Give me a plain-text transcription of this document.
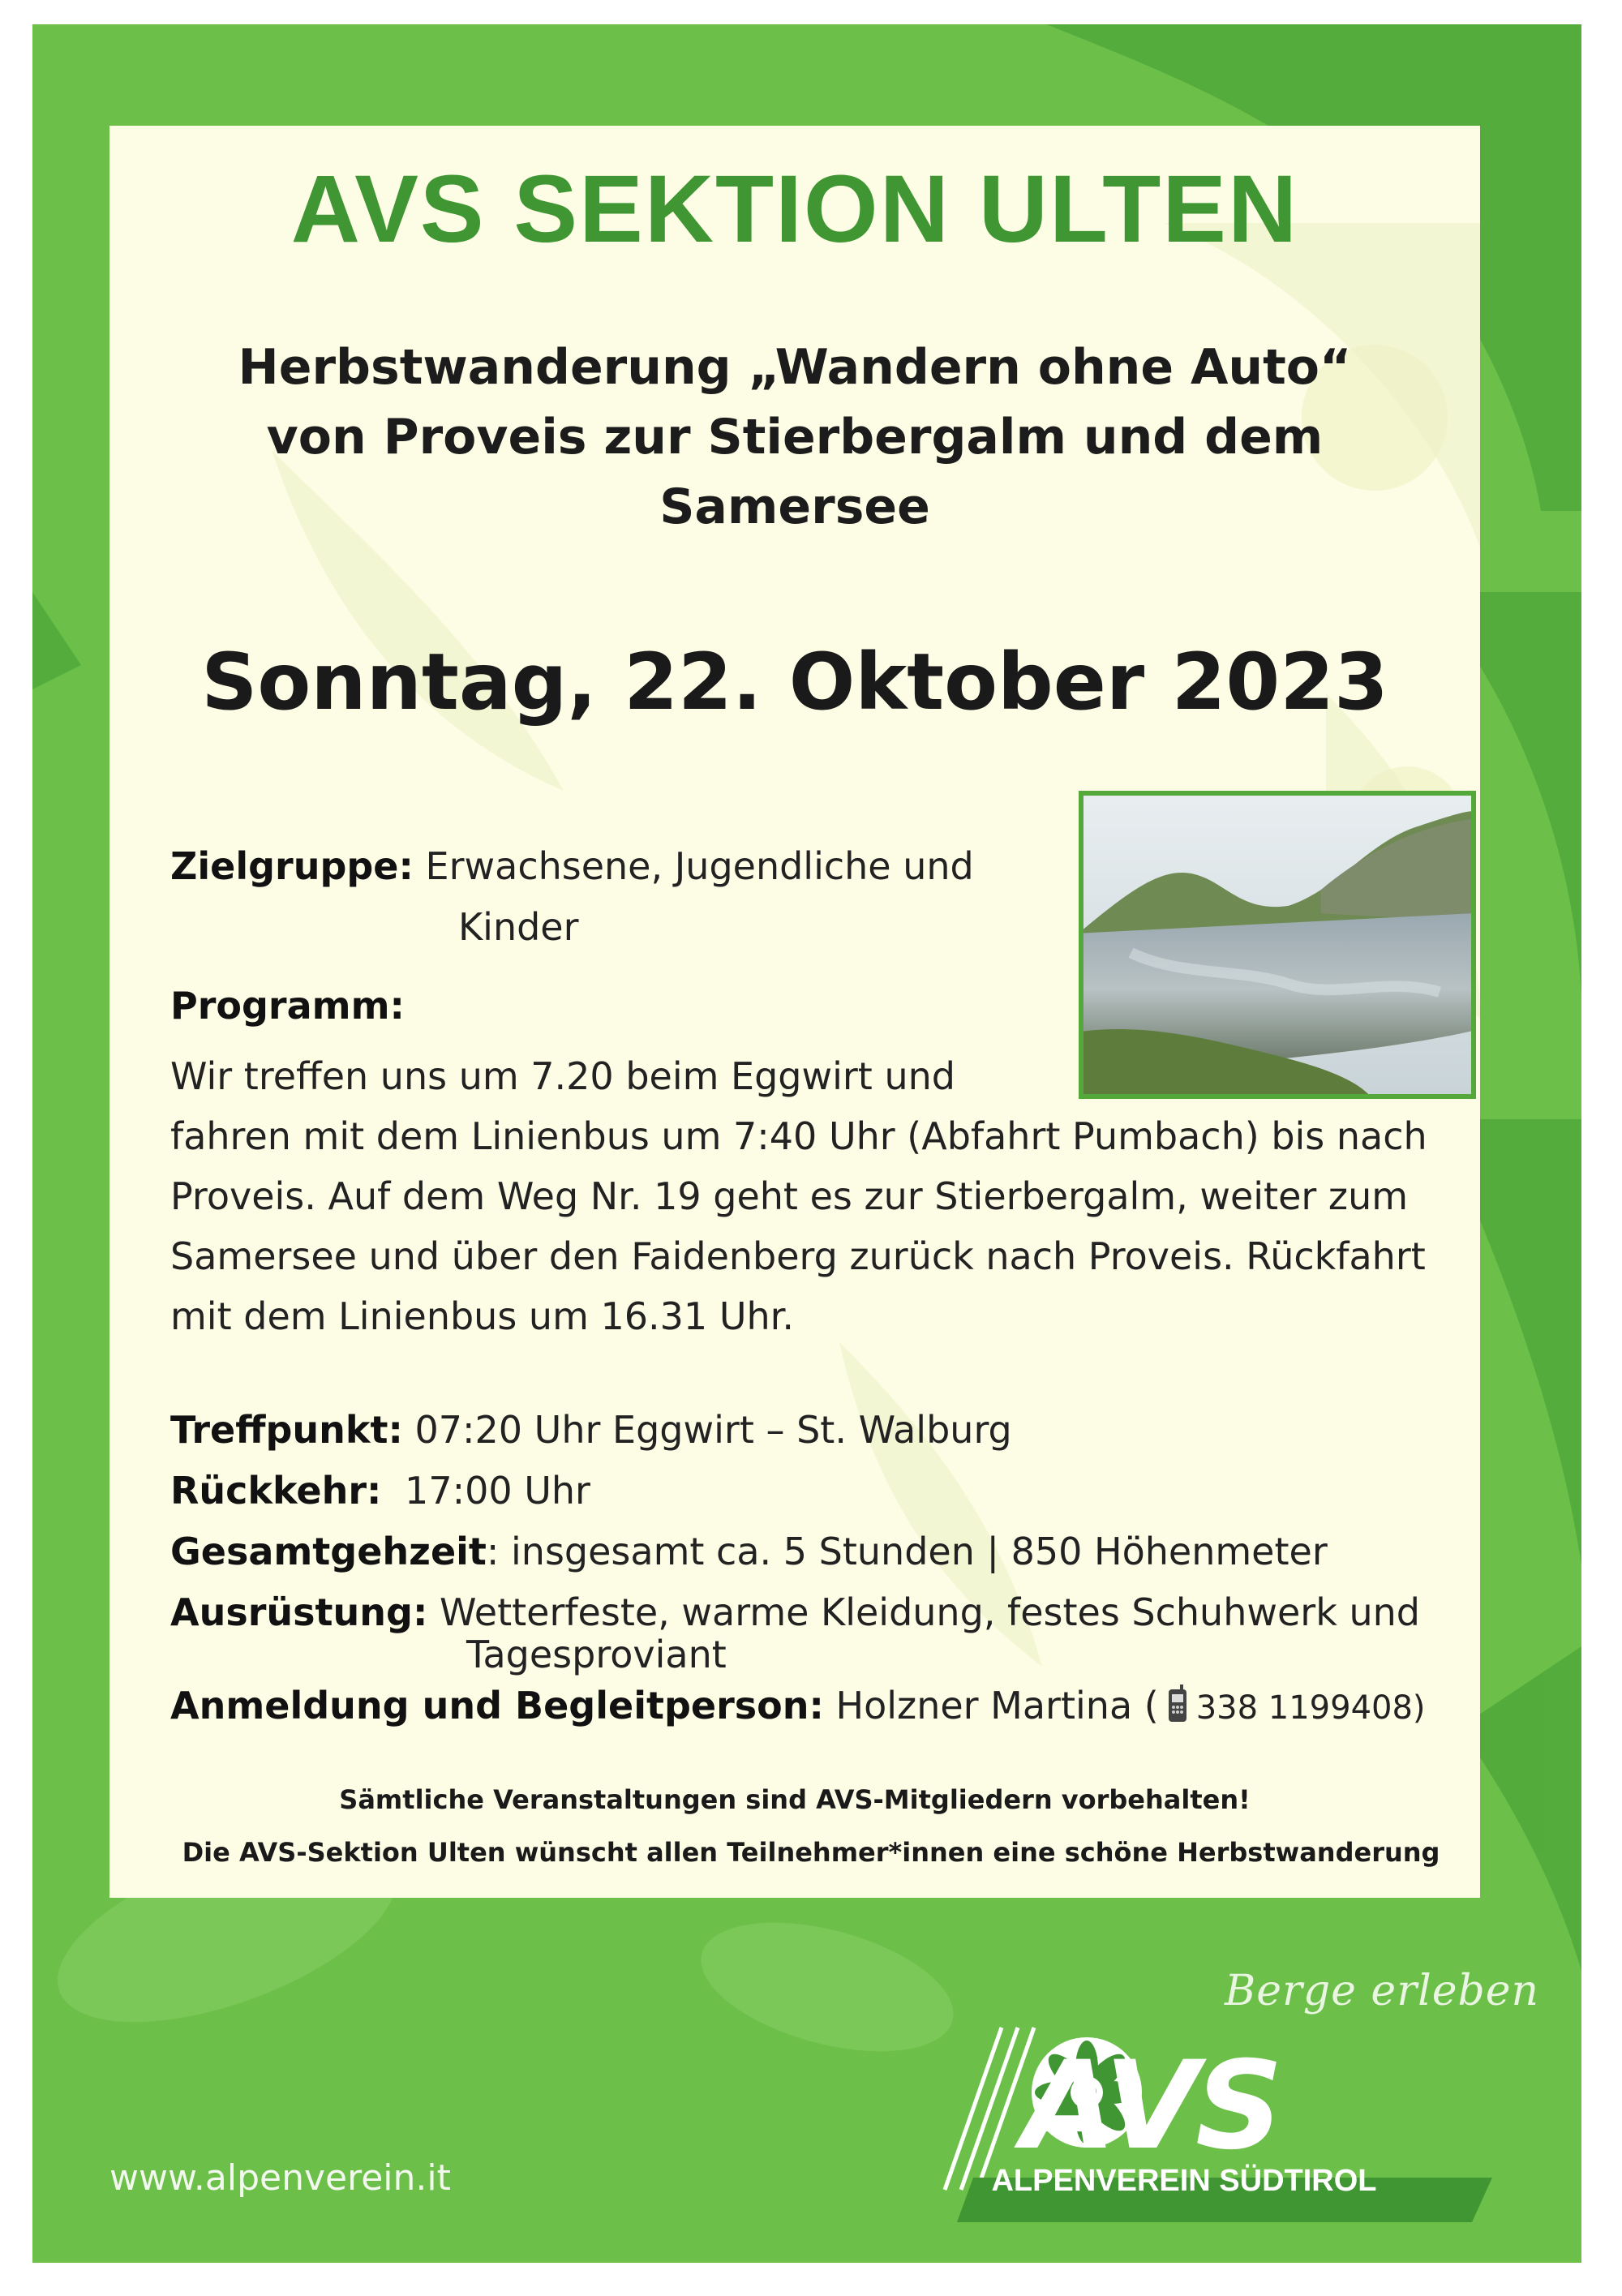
AVS SEKTION ULTEN
Herbstwanderung „Wandern ohne Auto“
von Proveis zur Stierbergalm und dem
Samersee
Sonntag, 22. Oktober 2023
Zielgruppe: Erwachsene, Jugendliche und
Kinder
Programm:
Wir treffen uns um 7.20 beim Eggwirt und
fahren mit dem Linienbus um 7:40 Uhr (Abfahrt Pumbach) bis nach
Proveis. Auf dem Weg Nr. 19 geht es zur Stierbergalm, weiter zum
Samersee und über den Faidenberg zurück nach Proveis. Rückfahrt
mit dem Linienbus um 16.31 Uhr.
Treffpunkt: 07:20 Uhr Eggwirt – St. Walburg
Rückkehr: 17:00 Uhr
Gesamtgehzeit: insgesamt ca. 5 Stunden | 850 Höhenmeter
Ausrüstung: Wetterfeste, warme Kleidung, festes Schuhwerk und
Tagesproviant
Anmeldung und Begleitperson: Holzner Martina ( 338 1199408)
Sämtliche Veranstaltungen sind AVS-Mitgliedern vorbehalten!
Die AVS-Sektion Ulten wünscht allen Teilnehmer*innen eine schöne Herbstwanderung
Berge erleben
AVS
ALPENVEREIN SÜDTIROL
www.alpenverein.it
